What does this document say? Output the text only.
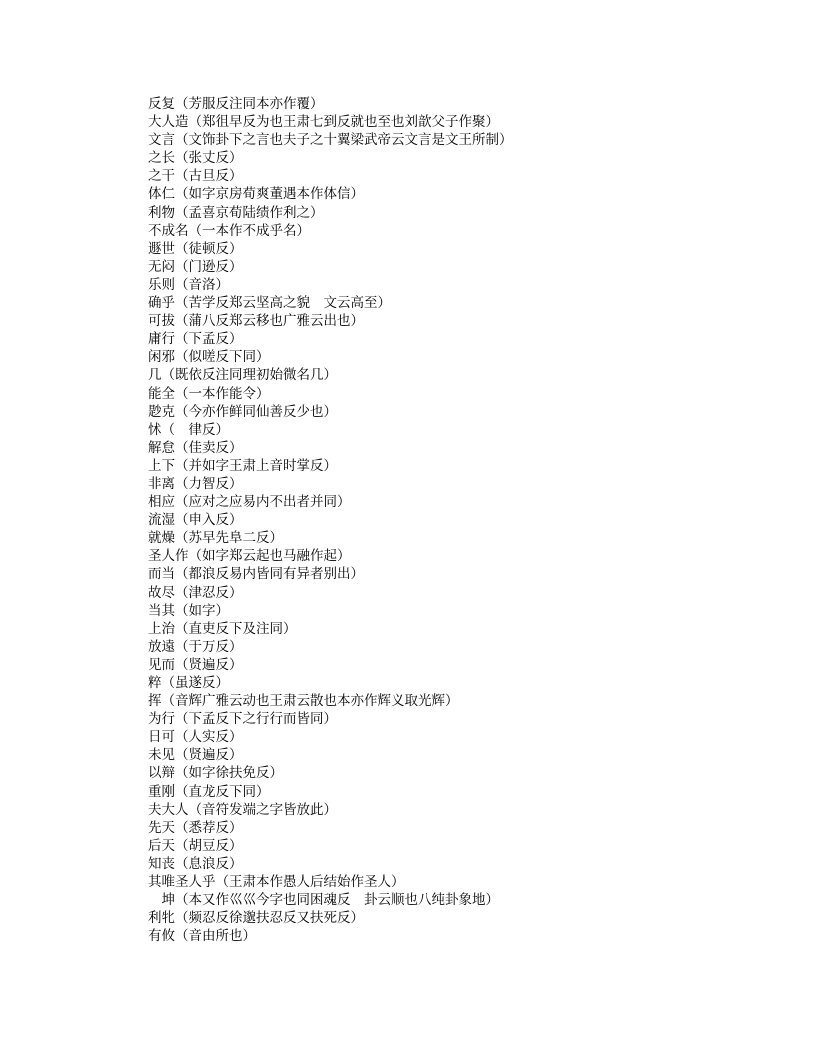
反复（芳服反注同本亦作覆）
大人造（郑徂早反为也王肃七到反就也至也刘歆父子作聚）
文言（文饰卦下之言也夫子之十翼梁武帝云文言是文王所制）
之长（张丈反）
之干（古旦反）
体仁（如字京房荀爽董遇本作体信）
利物（孟喜京荀陆绩作利之）
不成名（一本作不成乎名）
遯世（徒顿反）
无闷（门逊反）
乐则（音洛）
确乎（苦学反郑云坚高之貌　文云高至）
可拔（蒲八反郑云移也广雅云出也）
庸行（下孟反）
闲邪（似嗟反下同）
几（既依反注同理初始微名几）
能全（一本作能令）
尟克（今亦作鲜同仙善反少也）
怵（　律反）
解怠（佳卖反）
上下（并如字王肃上音时掌反）
非离（力智反）
相应（应对之应易内不出者并同）
流湿（申入反）
就燥（苏早先阜二反）
圣人作（如字郑云起也马融作起）
而当（都浪反易内皆同有异者别出）
故尽（津忍反）
当其（如字）
上治（直吏反下及注同）
放遠（于万反）
见而（贤遍反）
粹（虽遂反）
挥（音辉广雅云动也王肃云散也本亦作辉义取光辉）
为行（下孟反下之行行而皆同）
日可（人实反）
未见（贤遍反）
以辩（如字徐扶免反）
重刚（直龙反下同）
夫大人（音符发端之字皆放此）
先天（悉荐反）
后天（胡豆反）
知丧（息浪反）
其唯圣人乎（王肃本作愚人后结始作圣人）
　坤（本又作巛巛今字也同困魂反　卦云顺也八纯卦象地）
利牝（频忍反徐邈扶忍反又扶死反）
有攸（音由所也）
